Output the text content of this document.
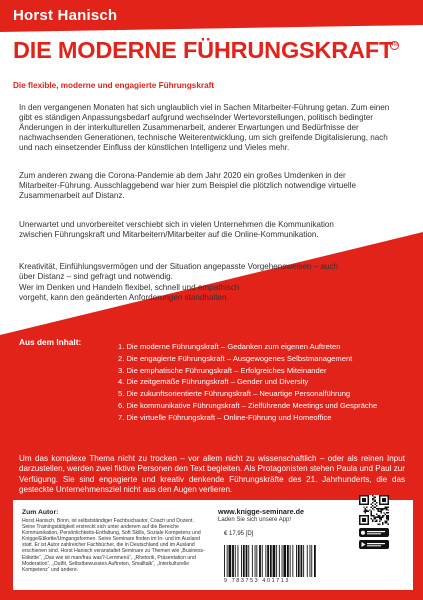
Horst Hanisch
DIE MODERNE FÜHRUNGSKRAFT
TM
Die flexible, moderne und engagierte Führungskraft

In den vergangenen Monaten hat sich unglaublich viel in Sachen Mitarbeiter-Führung getan. Zum einen gibt es ständigen Anpassungsbedarf aufgrund wechselnder Wertevorstellungen, politisch bedingter Änderungen in der interkulturellen Zusammenarbeit, anderer Erwartungen und Bedürfnisse der nachwachsenden Generationen, technische Weiterentwicklung, um sich greifende Digitalisierung, nach und nach einsetzender Einfluss der künstlichen Intelligenz und Vieles mehr.

Zum anderen zwang die Corona-Pandemie ab dem Jahr 2020 ein großes Umdenken in der Mitarbeiter-Führung. Ausschlaggebend war hier zum Beispiel die plötzlich notwendige virtuelle Zusammenarbeit auf Distanz.

Unerwartet und unvorbereitet verschiebt sich in vielen Unternehmen die Kommunikation zwischen Führungskraft und Mitarbeitern/Mitarbeiter auf die Online-Kommunikation.

Kreativität, Einfühlungsvermögen und der Situation angepasste Vorgehensweisen – auch über Distanz – sind gefragt und notwendig.

Wer im Denken und Handeln flexibel, schnell und empathisch vorgeht, kann den geänderten Anforderungen standhalten.

Aus dem Inhalt:	1. Die moderne Führungskraft – Gedanken zum eigenen Auftreten
2. Die engagierte Führungskraft – Ausgewogenes Selbstmanagement
3. Die emphatische Führungskraft – Erfolgreiches Miteinander
4. Die zeitgemäße Führungskraft – Gender und Diversity
5. Die zukunftsorientierte Führungskraft – Neuartige Personalführung
6. Die kommunikative Führungskraft – Zielführende Meetings und Gespräche
7. Die virtuelle Führungskraft – Online-Führung und Homeoffice

Um das komplexe Thema nicht zu trocken – vor allem nicht zu wissenschaftlich – oder als reinen Input darzustellen, werden zwei fiktive Personen den Text begleiten. Als Protagonisten stehen Paula und Paul zur Verfügung. Sie sind engagierte und kreativ denkende Führungskräfte des 21. Jahrhunderts, die das gesteckte Unternehmensziel nicht aus den Augen verlieren.

Zum Autor:

Horst Hanisch, Bonn, ist selbstständiger Fachbuchautor, Coach und Dozent. Seine Trainingstätigkeit erstreckt sich unter anderem auf die Bereiche Kommunikation, Persönlichkeits-Entfaltung, Soft Skills, Soziale Kompetenz und Knigge/Etikette/Umgangsformen. Seine Seminare finden im In- und im Ausland statt. Er ist Autor zahlreicher Fachbücher, die in Deutschland und im Ausland erschienen sind. Horst Hanisch veranstaltet Seminare zu Themen wie „Business-Etikette“, „Das wie ist man/frau was?-Lernmenü“, „Rhetorik, Präsentation und Moderation“, „Outfit, Selbstbewusstes Auftreten, Smalltalk“, „Interkulturelle Kompetenz“ und andere.

www.knigge-seminare.de
Laden Sie sich unsere App!
€ 17,95 [D]
9 783753 401713
